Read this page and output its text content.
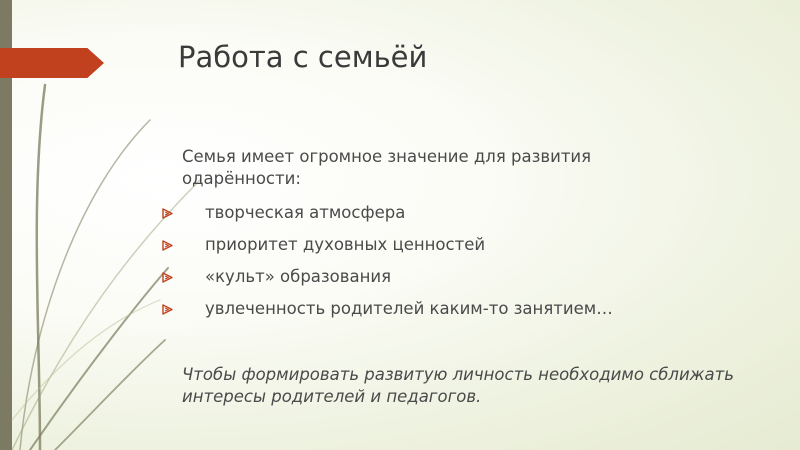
Работа с семьёй

Семья имеет огромное значение для развития одарённости:

творческая атмосфера
приоритет духовных ценностей
«культ» образования
увлеченность родителей каким-то занятием…

Чтобы формировать развитую личность необходимо сближать интересы родителей и педагогов.
